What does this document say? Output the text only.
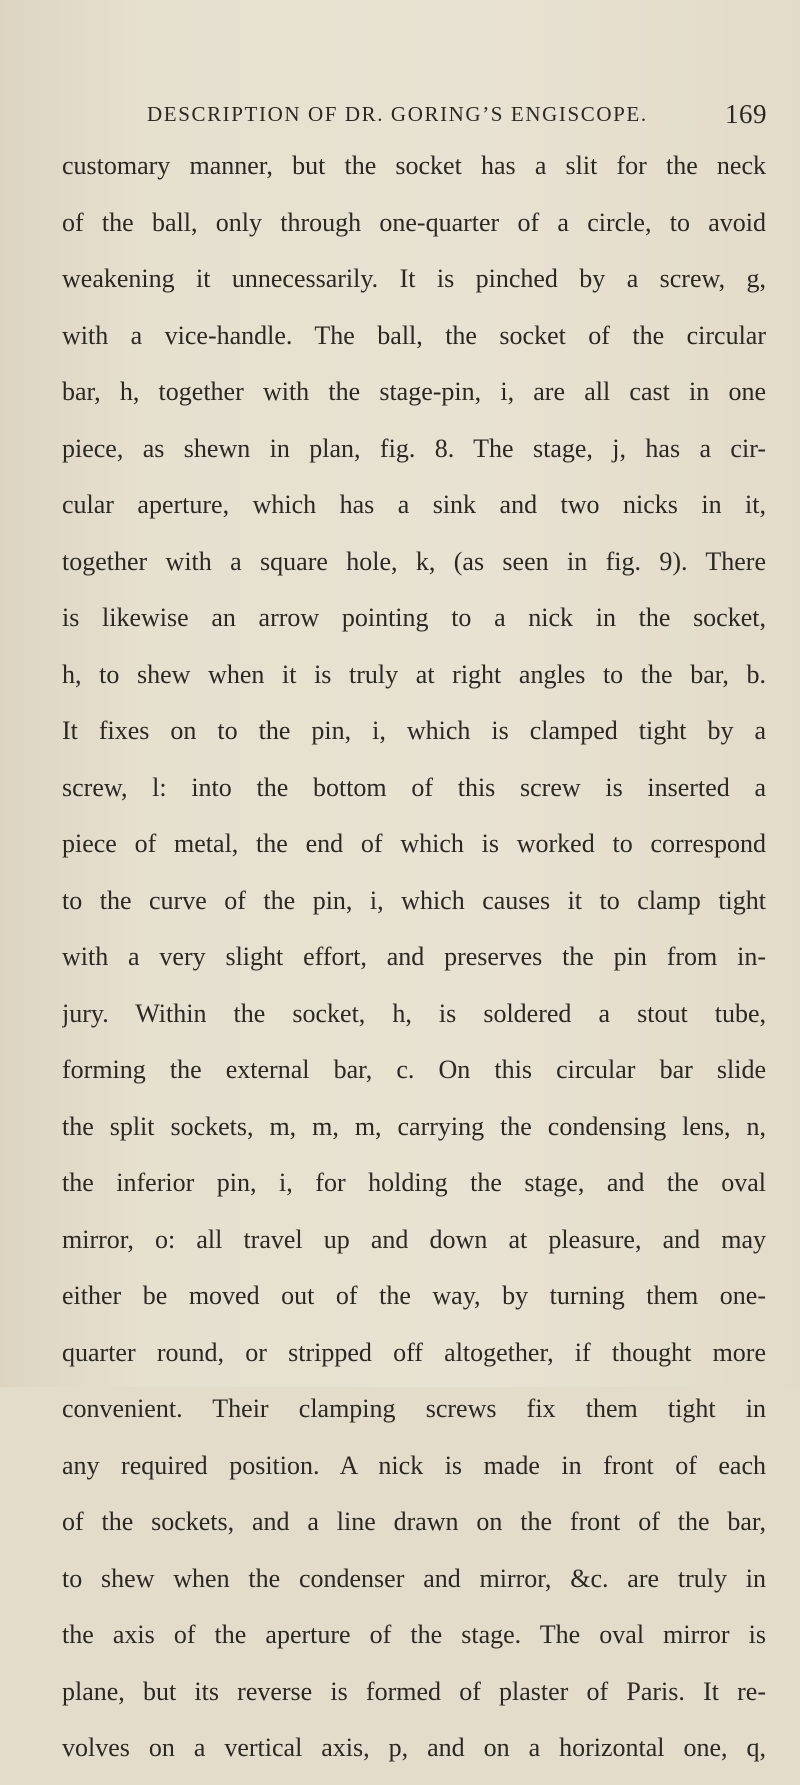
DESCRIPTION OF DR. GORING’S ENGISCOPE.	169
customary manner, but the socket has a slit for the neck
of the ball, only through one-quarter of a circle, to avoid
weakening it unnecessarily. It is pinched by a screw, g,
with a vice-handle. The ball, the socket of the circular
bar, h, together with the stage-pin, i, are all cast in one
piece, as shewn in plan, fig. 8. The stage, j, has a cir-
cular aperture, which has a sink and two nicks in it,
together with a square hole, k, (as seen in fig. 9). There
is likewise an arrow pointing to a nick in the socket,
h, to shew when it is truly at right angles to the bar, b.
It fixes on to the pin, i, which is clamped tight by a
screw, l: into the bottom of this screw is inserted a
piece of metal, the end of which is worked to correspond
to the curve of the pin, i, which causes it to clamp tight
with a very slight effort, and preserves the pin from in-
jury. Within the socket, h, is soldered a stout tube,
forming the external bar, c. On this circular bar slide
the split sockets, m, m, m, carrying the condensing lens, n,
the inferior pin, i, for holding the stage, and the oval
mirror, o: all travel up and down at pleasure, and may
either be moved out of the way, by turning them one-
quarter round, or stripped off altogether, if thought more
convenient. Their clamping screws fix them tight in
any required position. A nick is made in front of each
of the sockets, and a line drawn on the front of the bar,
to shew when the condenser and mirror, &c. are truly in
the axis of the aperture of the stage. The oval mirror is
plane, but its reverse is formed of plaster of Paris. It re-
volves on a vertical axis, p, and on a horizontal one, q,
